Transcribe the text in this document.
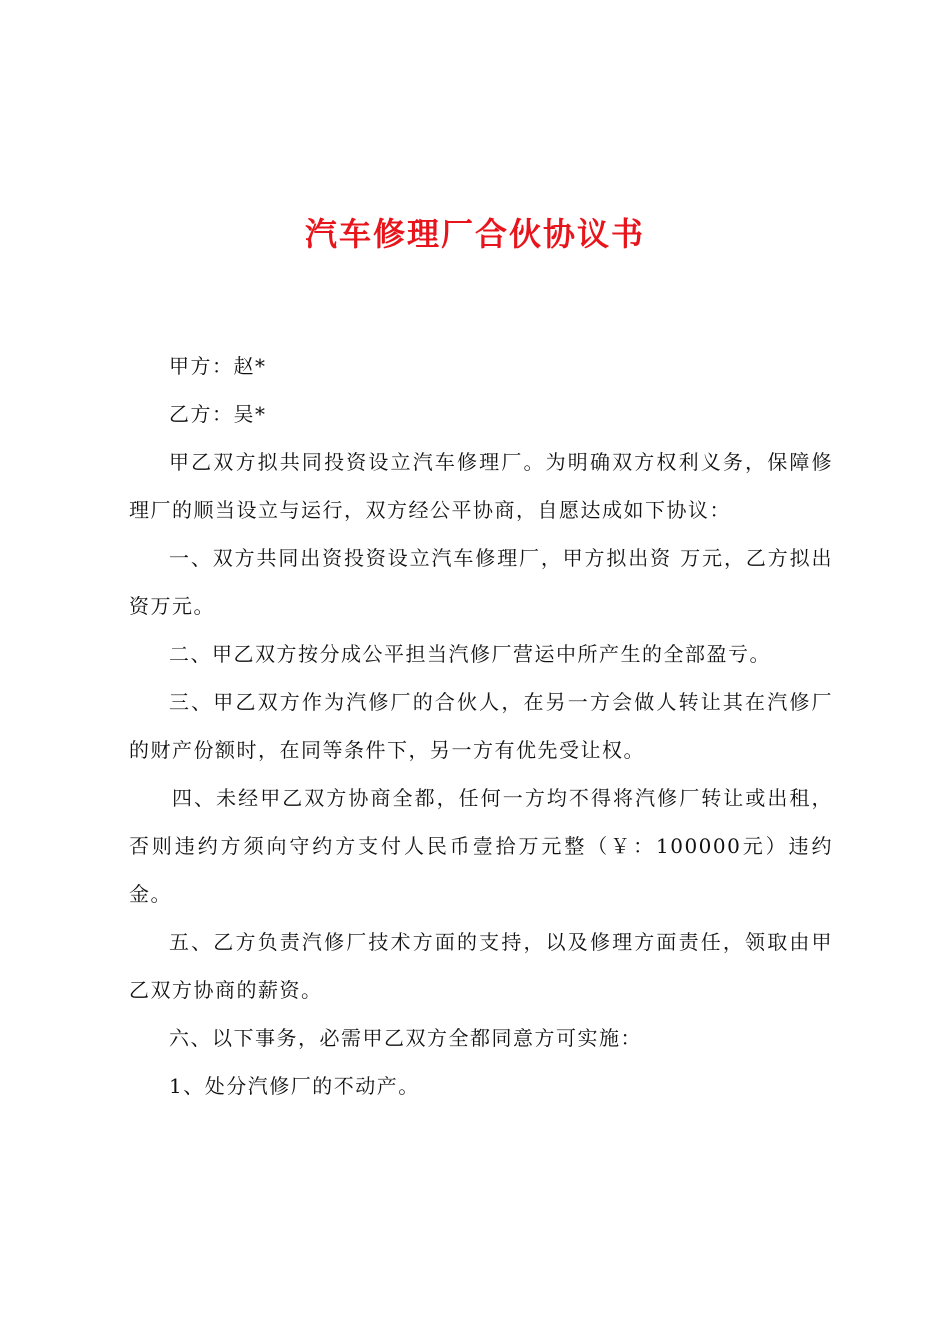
汽车修理厂合伙协议书

甲方：赵*

乙方：吴*

甲乙双方拟共同投资设立汽车修理厂。为明确双方权利义务，保障修理厂的顺当设立与运行，双方经公平协商，自愿达成如下协议：

一、双方共同出资投资设立汽车修理厂，甲方拟出资 万元，乙方拟出资万元。

二、甲乙双方按分成公平担当汽修厂营运中所产生的全部盈亏。

三、甲乙双方作为汽修厂的合伙人，在另一方会做人转让其在汽修厂的财产份额时，在同等条件下，另一方有优先受让权。

四、未经甲乙双方协商全都，任何一方均不得将汽修厂转让或出租，否则违约方须向守约方支付人民币壹拾万元整（￥：100000元）违约金。

五、乙方负责汽修厂技术方面的支持，以及修理方面责任，领取由甲乙双方协商的薪资。

六、以下事务，必需甲乙双方全都同意方可实施：

1、处分汽修厂的不动产。
